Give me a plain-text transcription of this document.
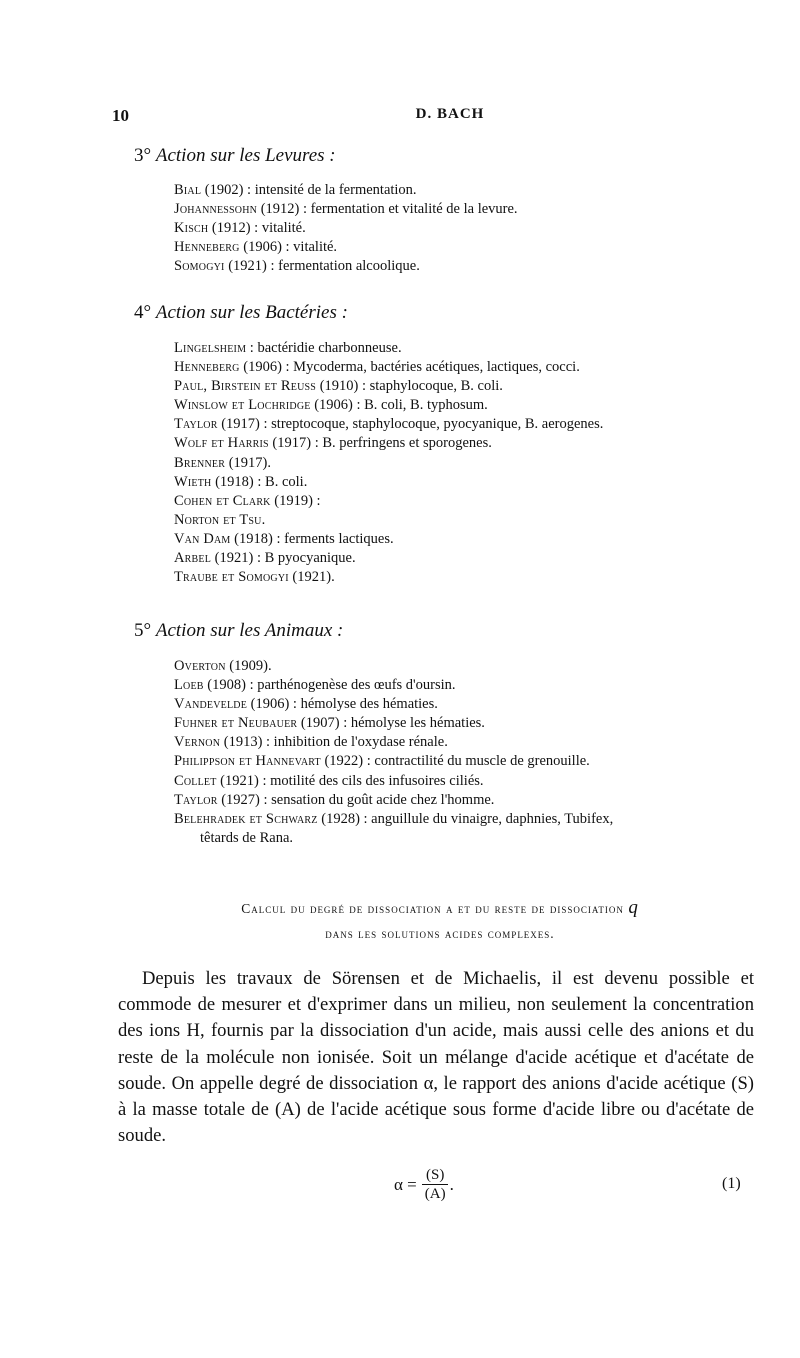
10	D. BACH
3° Action sur les Levures :
Bial (1902) : intensité de la fermentation.
Johannessohn (1912) : fermentation et vitalité de la levure.
Kisch (1912) : vitalité.
Henneberg (1906) : vitalité.
Somogyi (1921) : fermentation alcoolique.
4° Action sur les Bactéries :
Lingelsheim : bactéridie charbonneuse.
Henneberg (1906) : Mycoderma, bactéries acétiques, lactiques, cocci.
Paul, Birstein et Reuss (1910) : staphylocoque, B. coli.
Winslow et Lochridge (1906) : B. coli, B. typhosum.
Taylor (1917) : streptocoque, staphylocoque, pyocyanique, B. aerogenes.
Wolf et Harris (1917) : B. perfringens et sporogenes.
Brenner (1917).
Wieth (1918) : B. coli.
Cohen et Clark (1919) :
Norton et Tsu.
Van Dam (1918) : ferments lactiques.
Arbel (1921) : B pyocyanique.
Traube et Somogyi (1921).
5° Action sur les Animaux :
Overton (1909).
Loeb (1908) : parthénogenèse des œufs d'oursin.
Vandevelde (1906) : hémolyse des hématies.
Fuhner et Neubauer (1907) : hémolyse les hématies.
Vernon (1913) : inhibition de l'oxydase rénale.
Philippson et Hannevart (1922) : contractilité du muscle de grenouille.
Collet (1921) : motilité des cils des infusoires ciliés.
Taylor (1927) : sensation du goût acide chez l'homme.
Belehradek et Schwarz (1928) : anguillule du vinaigre, daphnies, Tubifex,
têtards de Rana.
Calcul du degré de dissociation α et du reste de dissociation q
dans les solutions acides complexes.
Depuis les travaux de Sörensen et de Michaelis, il est devenu possible et commode de mesurer et d'exprimer dans un milieu, non seulement la concentration des ions H, fournis par la dissociation d'un acide, mais aussi celle des anions et du reste de la molécule non ionisée. Soit un mélange d'acide acétique et d'acétate de soude. On appelle degré de dissociation α, le rapport des anions d'acide acétique (S) à la masse totale de (A) de l'acide acétique sous forme d'acide libre ou d'acétate de soude.
$\alpha = \frac{(S)}{(A)}$ .	(1)
